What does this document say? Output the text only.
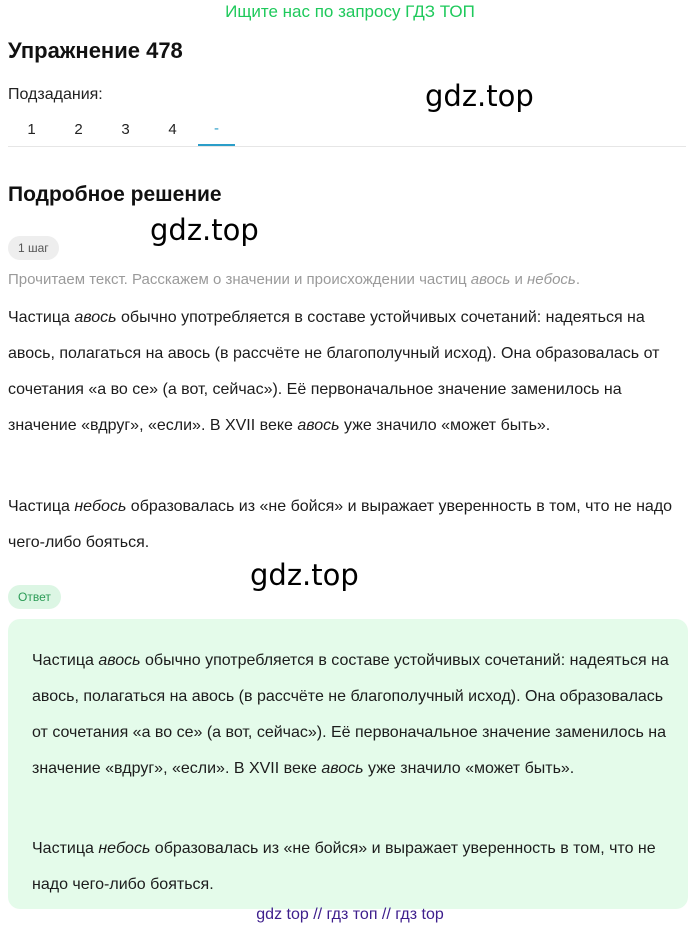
Ищите нас по запросу ГДЗ ТОП
Упражнение 478
Подзадания:	gdz.top
gdz.top
gdz.top
1	2	3	4	-
Подробное решение
1 шаг

Прочитаем текст. Расскажем о значении и происхождении частиц авось и небось.

Частица авось обычно употребляется в составе устойчивых сочетаний: надеяться на авось, полагаться на авось (в рассчёте не благополучный исход). Она образовалась от сочетания «а во се» (а вот, сейчас»). Её первоначальное значение заменилось на значение «вдруг», «если». В XVII веке авось уже значило «может быть».

Частица небось образовалась из «не бойся» и выражает уверенность в том, что не надо чего-либо бояться.

Ответ

Частица авось обычно употребляется в составе устойчивых сочетаний: надеяться на авось, полагаться на авось (в рассчёте не благополучный исход). Она образовалась от сочетания «а во се» (а вот, сейчас»). Её первоначальное значение заменилось на значение «вдруг», «если». В XVII веке авось уже значило «может быть».

Частица небось образовалась из «не бойся» и выражает уверенность в том, что не надо чего-либо бояться.

gdz top // гдз топ // гдз top
